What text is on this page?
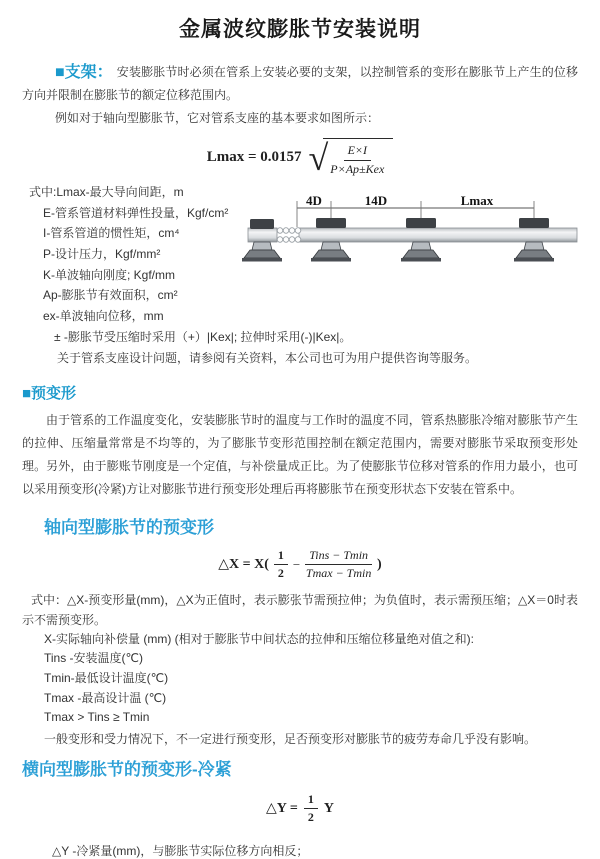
金属波纹膨胀节安装说明

■支架： 安装膨胀节时必须在管系上安装必要的支架，以控制管系的变形在膨胀节上产生的位移方向并限制在膨胀节的额定位移范围内。

例如对于轴向型膨胀节，它对管系支座的基本要求如图所示：

Lmax = 0.0157 √ $\frac{E\times I}{\text{P×Ap±Kex}}$
式中:Lmax-最大导向间距，m
E-管系管道材料弹性投量，Kgf/cm²
I-管系管道的惯性矩，cm⁴
P-设计压力，Kgf/mm²
K-单波轴向刚度; Kgf/mm
Ap-膨胀节有效面积，cm²
ex-单波轴向位移，mm
± -膨胀节受压缩时采用（+）|Kex|; 拉伸时采用(-)|Kex|。
关于管系支座设计问题，请参阅有关资料，本公司也可为用户提供咨询等服务。
4D	14D	Lmax
■预变形

由于管系的工作温度变化，安装膨胀节时的温度与工作时的温度不同，管系热膨胀冷缩对膨胀节产生的拉伸、压缩量常常是不均等的，为了膨胀节变形范围控制在额定范围内，需要对膨胀节采取预变形处理。另外，由于膨账节刚度是一个定值，与补偿量成正比。为了使膨胀节位移对管系的作用力最小，也可以采用预变形(冷紧)方让对膨胀节进行预变形处理后再将膨胀节在预变形状态下安装在管系中。

轴向型膨胀节的预变形
△X = $X( \frac{1}{2} - \frac{\text{Tins − Tmin}}{Tmax - Tmin}$ )

式中：△X-预变形量(mm)，△X为正值时，表示膨张节需预拉伸；为负值时，表示需预压缩；△X＝0时表示不需预变形。

X-实际轴向补偿量 (mm) (相对于膨胀节中间状态的拉伸和压缩位移量绝对值之和):
Tins -安装温度(℃)
Tmin-最低设计温度(℃)
Tmax -最高设计温 (℃)
Tmax > Tins ≥ Tmin
一般变形和受力情况下，不一定进行预变形，足否预变形对膨胀节的疲劳寿命几乎没有影响。
横向型膨胀节的预变形-冷紧
△Y = $\frac{1}{2}$ Y

△Y -冷紧量(mm)，与膨胀节实际位移方向相反；
